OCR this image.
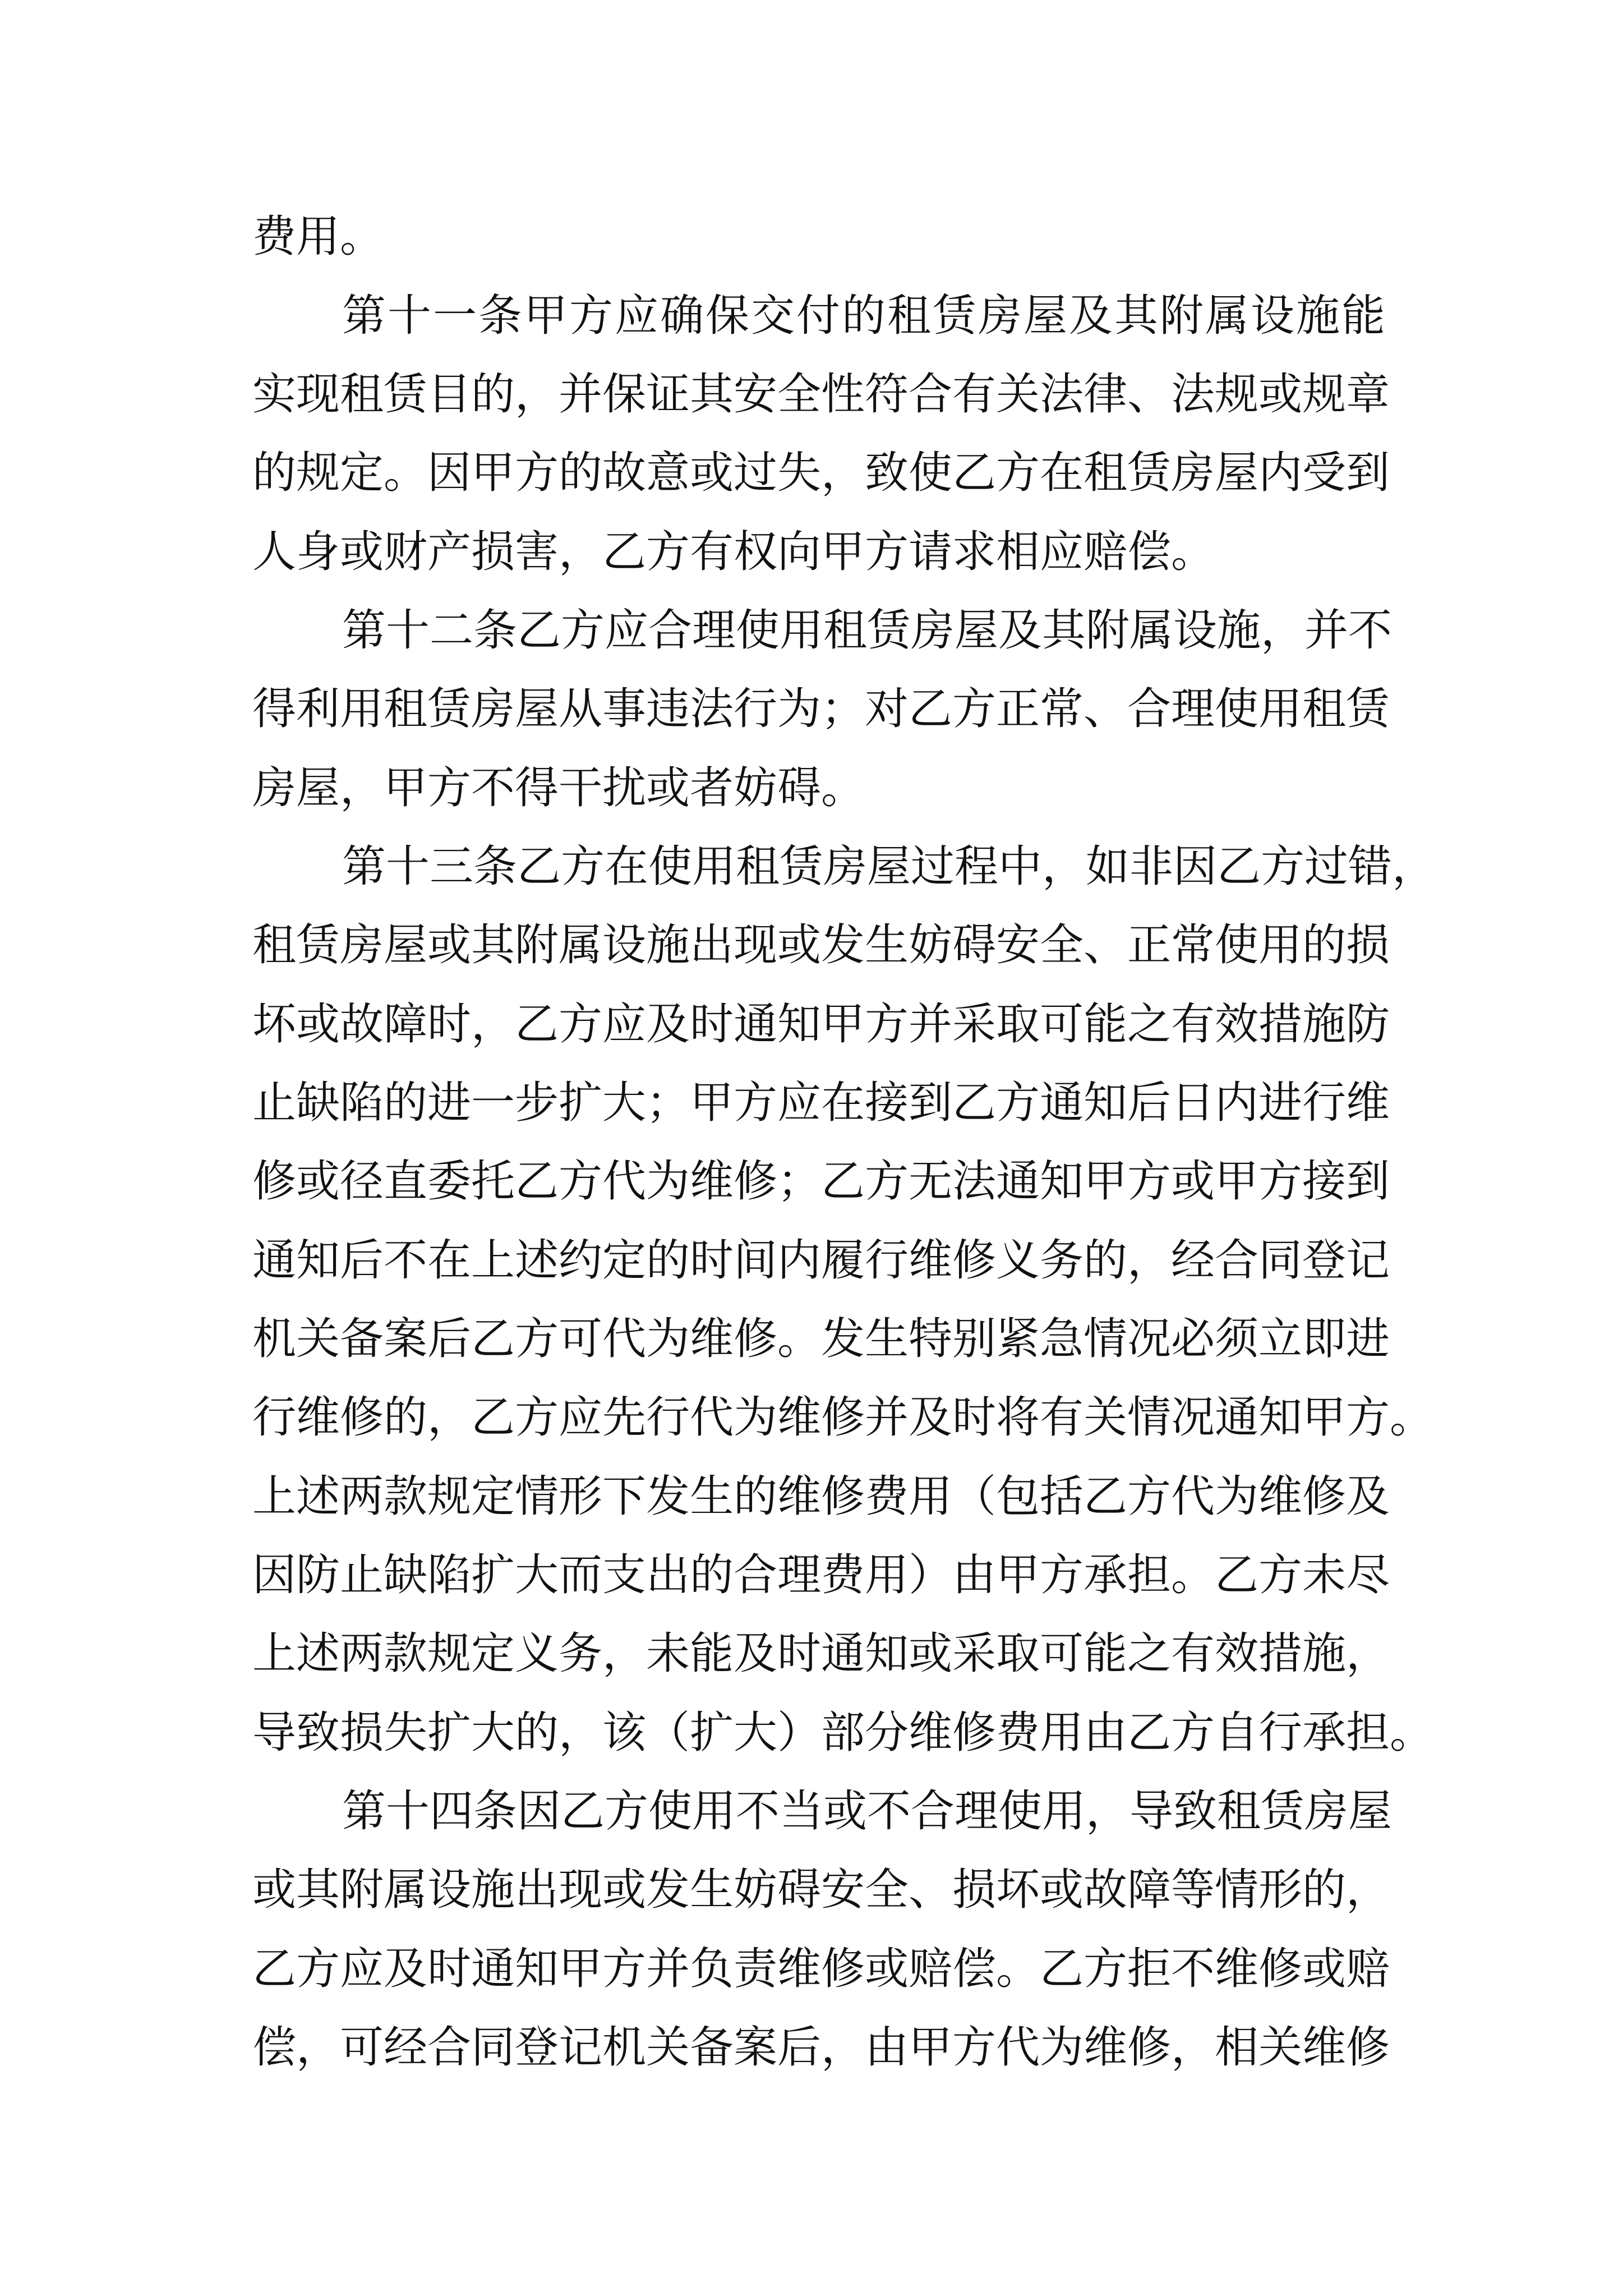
费用。
第十一条甲方应确保交付的租赁房屋及其附属设施能
实现租赁目的，并保证其安全性符合有关法律、法规或规章
的规定。因甲方的故意或过失，致使乙方在租赁房屋内受到
人身或财产损害，乙方有权向甲方请求相应赔偿。
第十二条乙方应合理使用租赁房屋及其附属设施，并不
得利用租赁房屋从事违法行为；对乙方正常、合理使用租赁
房屋，甲方不得干扰或者妨碍。
第十三条乙方在使用租赁房屋过程中，如非因乙方过错，
租赁房屋或其附属设施出现或发生妨碍安全、正常使用的损
坏或故障时，乙方应及时通知甲方并采取可能之有效措施防
止缺陷的进一步扩大；甲方应在接到乙方通知后日内进行维
修或径直委托乙方代为维修；乙方无法通知甲方或甲方接到
通知后不在上述约定的时间内履行维修义务的，经合同登记
机关备案后乙方可代为维修。发生特别紧急情况必须立即进
行维修的，乙方应先行代为维修并及时将有关情况通知甲方。
上述两款规定情形下发生的维修费用（包括乙方代为维修及
因防止缺陷扩大而支出的合理费用）由甲方承担。乙方未尽
上述两款规定义务，未能及时通知或采取可能之有效措施，
导致损失扩大的，该（扩大）部分维修费用由乙方自行承担。
第十四条因乙方使用不当或不合理使用，导致租赁房屋
或其附属设施出现或发生妨碍安全、损坏或故障等情形的，
乙方应及时通知甲方并负责维修或赔偿。乙方拒不维修或赔
偿，可经合同登记机关备案后，由甲方代为维修，相关维修
